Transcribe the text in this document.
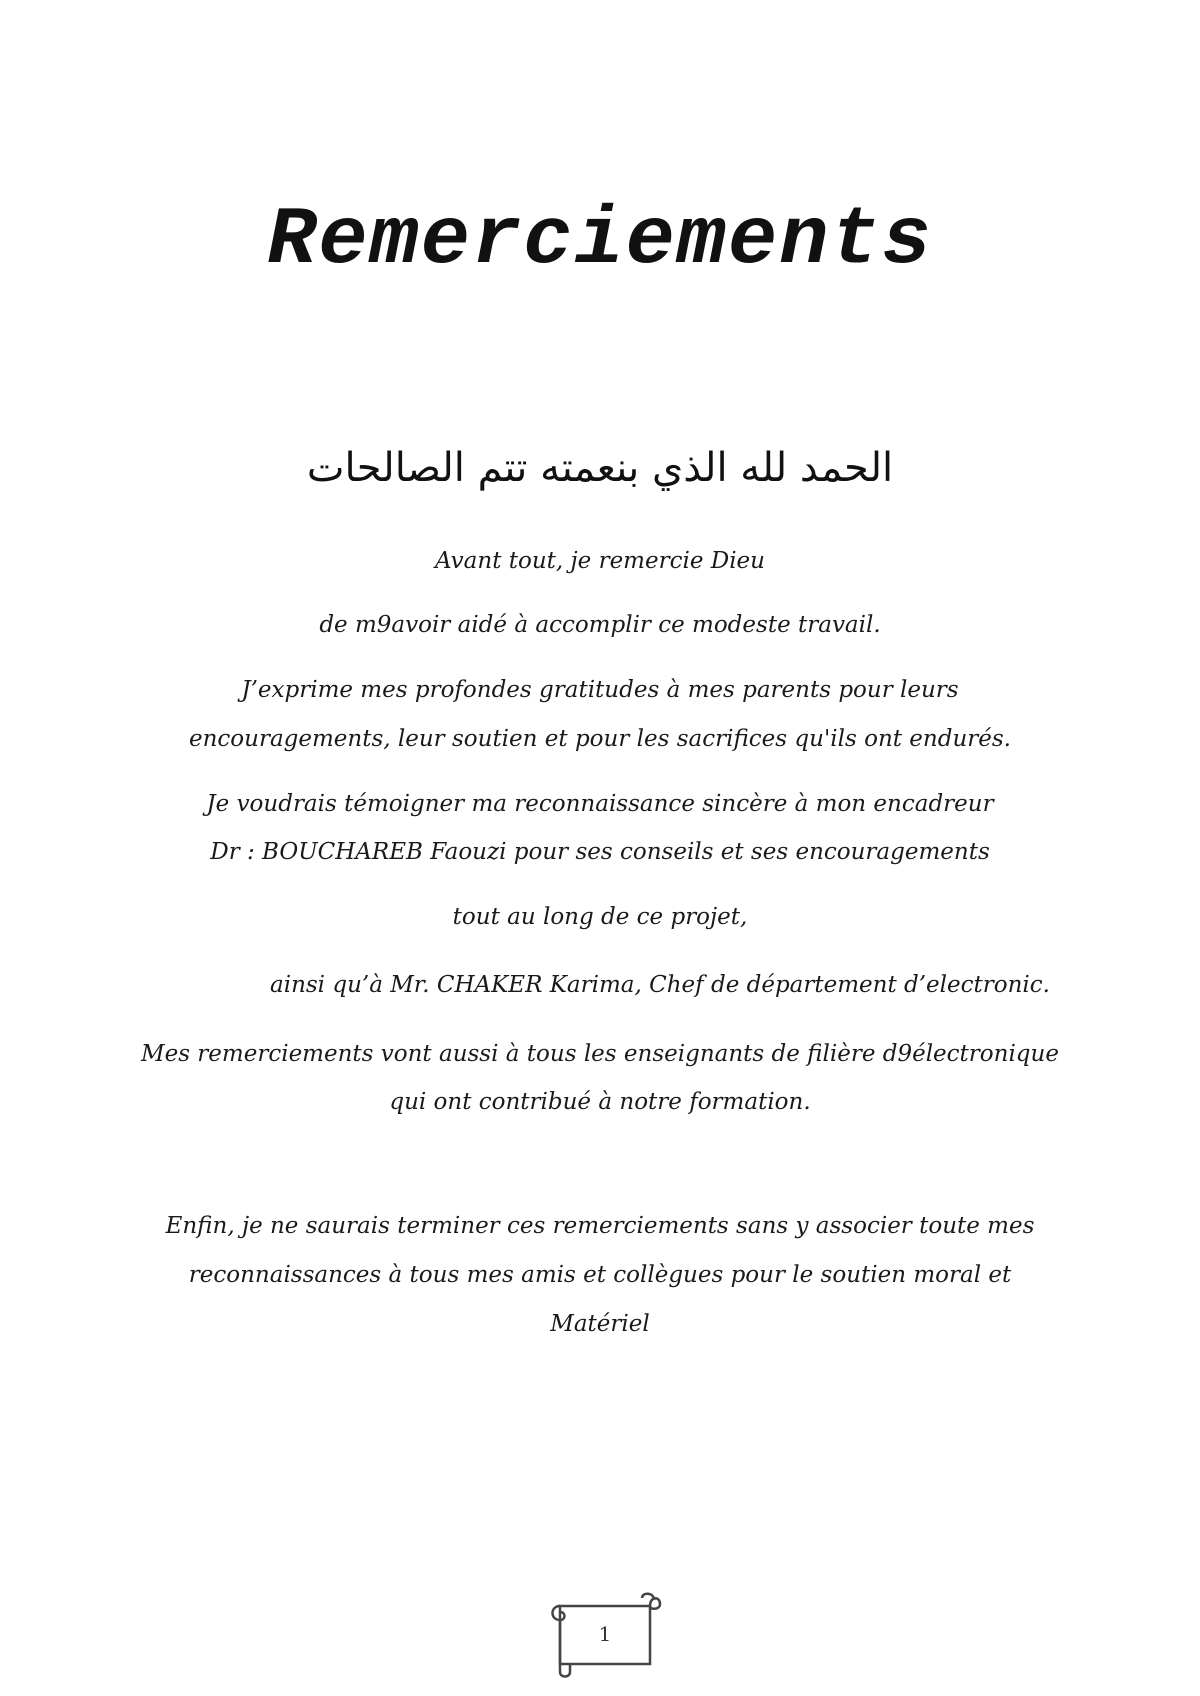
Remerciements
الحمد لله الذي بنعمته تتم الصالحات
Avant tout, je remercie Dieu
de m9avoir aidé à accomplir ce modeste travail.
J’exprime mes profondes gratitudes à mes parents pour leurs
encouragements, leur soutien et pour les sacrifices qu'ils ont endurés.
Je voudrais témoigner ma reconnaissance sincère à mon encadreur
Dr : BOUCHAREB Faouzi pour ses conseils et ses encouragements
tout au long de ce projet,
ainsi qu’à Mr. CHAKER Karima, Chef de département d’electronic.
Mes remerciements vont aussi à tous les enseignants de filière d9électronique
qui ont contribué à notre formation.
Enfin, je ne saurais terminer ces remerciements sans y associer toute mes
reconnaissances à tous mes amis et collègues pour le soutien moral et
Matériel
1
